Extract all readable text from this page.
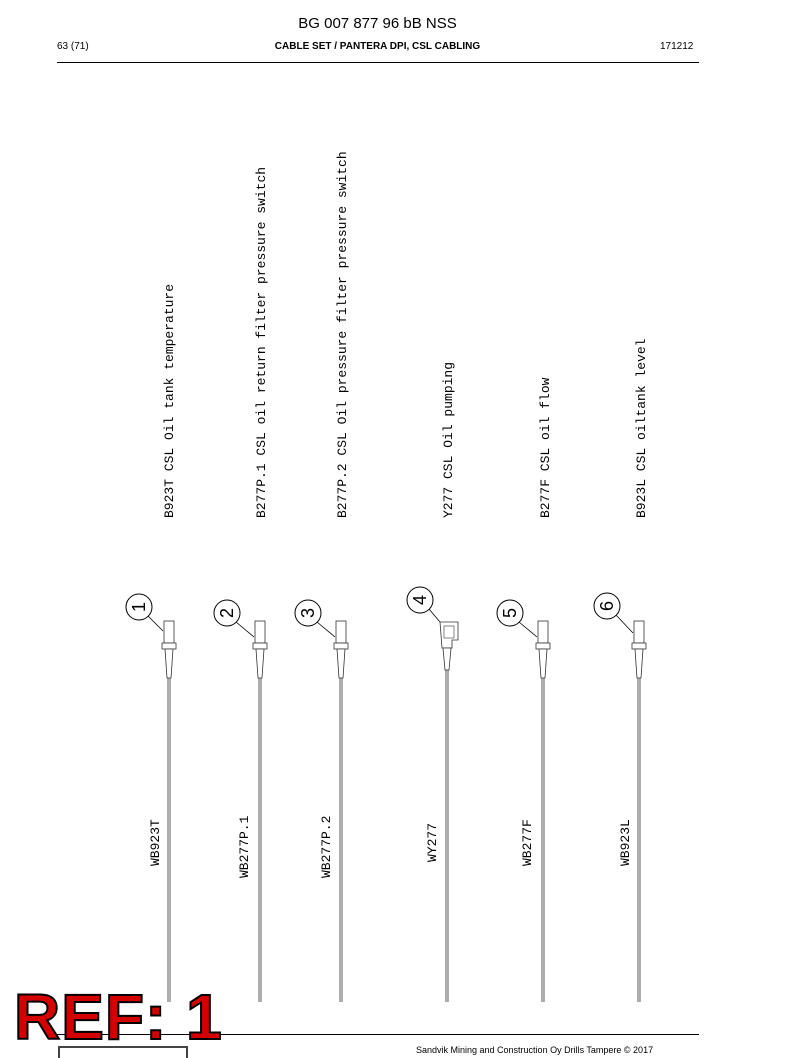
BG 007 877 96 bB NSS
63 (71)	CABLE SET / PANTERA DPI, CSL CABLING	171212
B923T CSL Oil tank temperature
1
WB923T
B277P.1 CSL oil return filter pressure switch
2
WB277P.1
B277P.2 CSL Oil pressure filter pressure switch
3
WB277P.2
Y277 CSL Oil pumping
4
WY277
B277F CSL oil flow
5
WB277F
B923L CSL oiltank level
6
WB923L
REF: 1	Sandvik Mining and Construction Oy Drills Tampere © 2017
